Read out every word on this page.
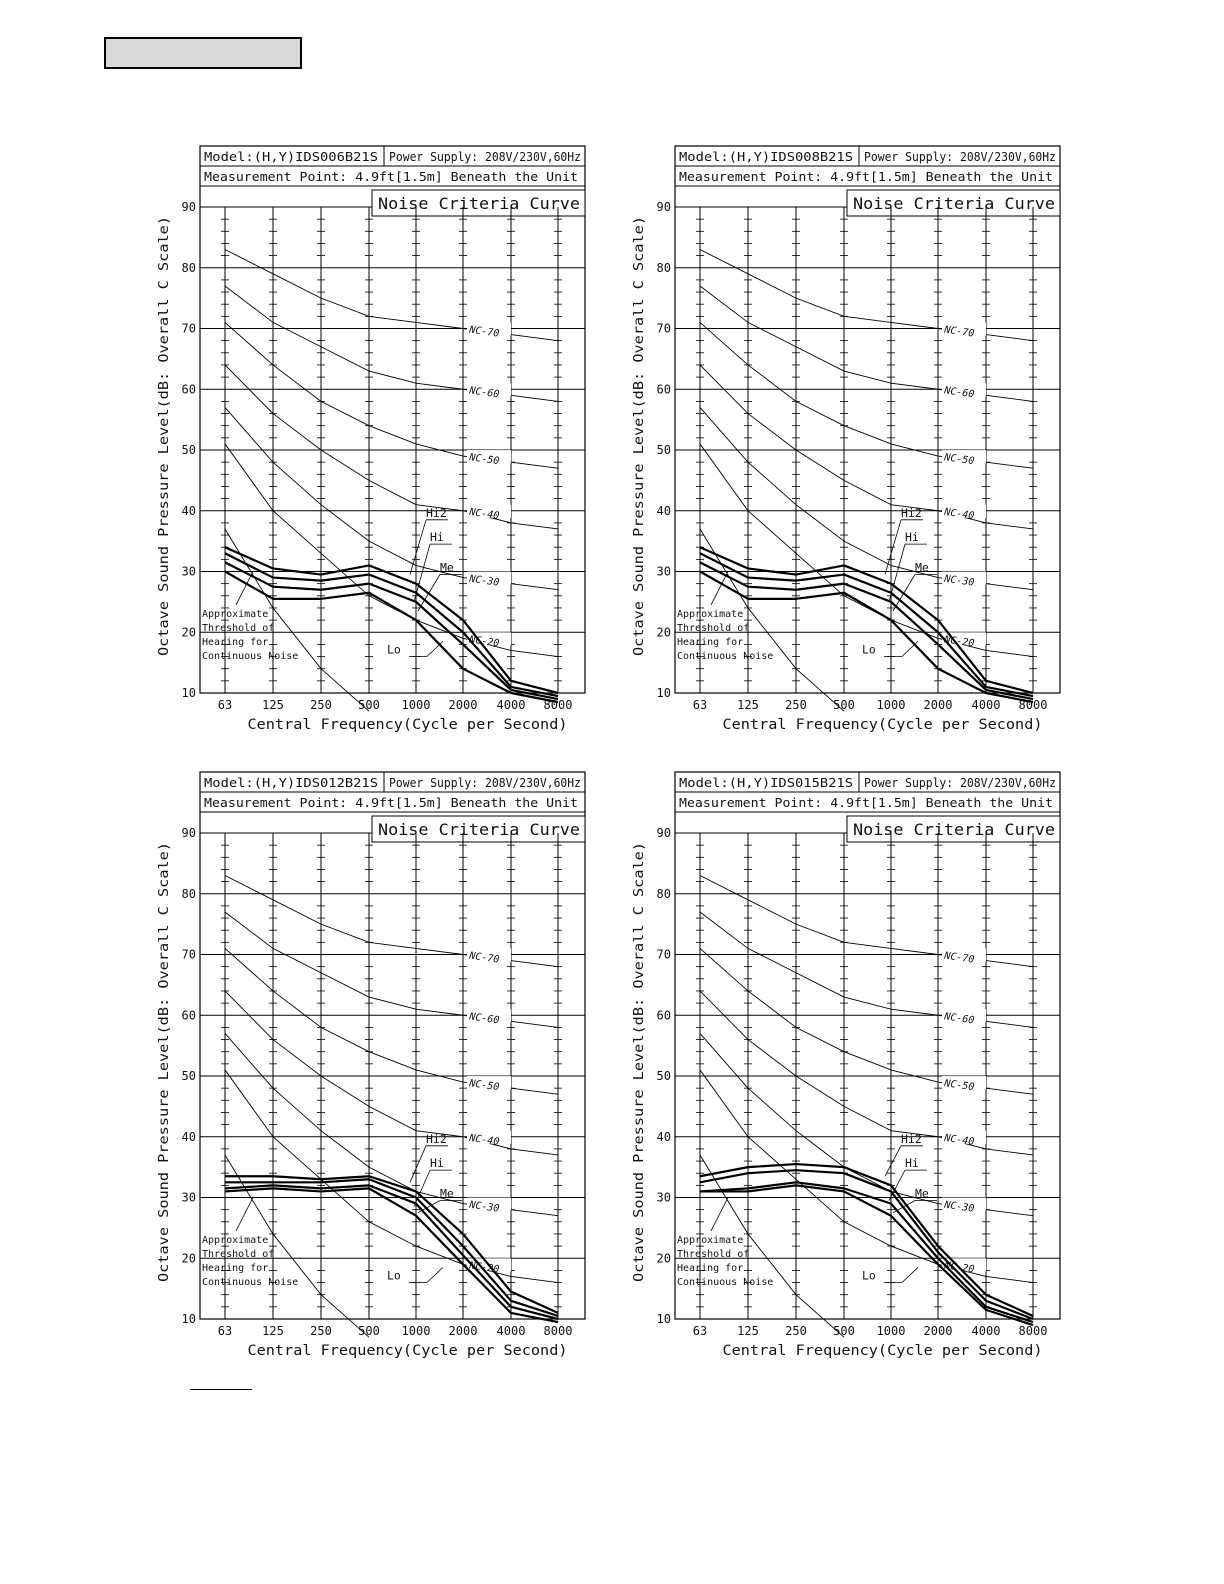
Model:(H,Y)IDS006B21S Power Supply: 208V/230V,60Hz
Measurement Point: 4.9ft[1.5m] Beneath the Unit
10
20
30
40
50
60
70
80
90	Noise Criteria Curve
63 125 250 500 1000 2000 4000 8000
NC-70
NC-60
NC-50
NC-40
NC-30
NC-20
Approximate
Threshold of
Hearing for
Continuous Noise
Hi2
Hi
Me
Lo
Central Frequency(Cycle per Second)
Octave Sound Pressure Level(dB: Overall C Scale)
Model:(H,Y)IDS008B21S Power Supply: 208V/230V,60Hz
Measurement Point: 4.9ft[1.5m] Beneath the Unit
10
20
30
40
50
60
70
80
90	Noise Criteria Curve
63 125 250 500 1000 2000 4000 8000
NC-70
NC-60
NC-50
NC-40
NC-30
NC-20
Approximate
Threshold of
Hearing for
Continuous Noise
Hi2
Hi
Me
Lo
Central Frequency(Cycle per Second)
Octave Sound Pressure Level(dB: Overall C Scale)
Model:(H,Y)IDS012B21S Power Supply: 208V/230V,60Hz
Measurement Point: 4.9ft[1.5m] Beneath the Unit
10
20
30
40
50
60
70
80
90	Noise Criteria Curve
63 125 250 500 1000 2000 4000 8000
NC-70
NC-60
NC-50
NC-40
NC-30
NC-20
Approximate
Threshold of
Hearing for
Continuous Noise
Hi2
Hi
Me
Lo
Central Frequency(Cycle per Second)
Octave Sound Pressure Level(dB: Overall C Scale)
Model:(H,Y)IDS015B21S Power Supply: 208V/230V,60Hz
Measurement Point: 4.9ft[1.5m] Beneath the Unit
10
20
30
40
50
60
70
80
90	Noise Criteria Curve
63 125 250 500 1000 2000 4000 8000
NC-70
NC-60
NC-50
NC-40
NC-30
NC-20
Approximate
Threshold of
Hearing for
Continuous Noise
Hi2
Hi
Me
Lo
Central Frequency(Cycle per Second)
Octave Sound Pressure Level(dB: Overall C Scale)
